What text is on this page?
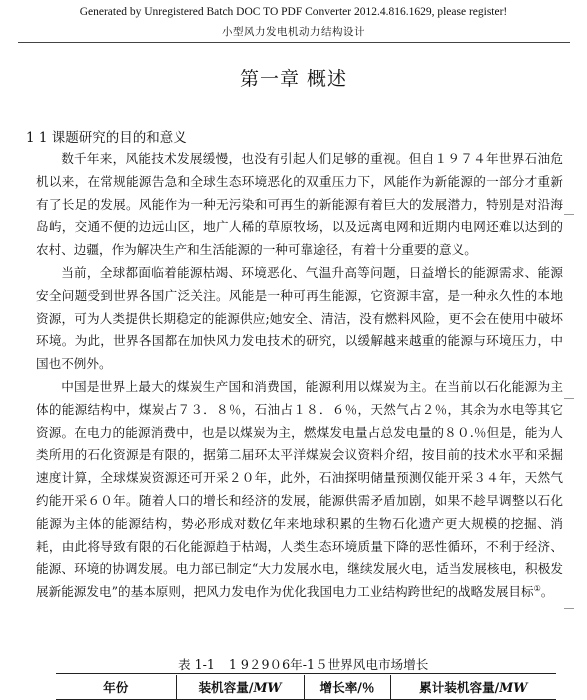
Generated by Unregistered Batch DOC TO PDF Converter 2012.4.816.1629, please register!
小型风力发电机动力结构设计
第一章 概述
1 1 课题研究的目的和意义

数千年来，风能技术发展缓慢，也没有引起人们足够的重视。但自１９７４年世界石油危机以来，在常规能源告急和全球生态环境恶化的双重压力下，风能作为新能源的一部分才重新有了长足的发展。风能作为一种无污染和可再生的新能源有着巨大的发展潜力，特别是对沿海岛屿，交通不便的边远山区，地广人稀的草原牧场，以及远离电网和近期内电网还难以达到的农村、边疆，作为解决生产和生活能源的一种可靠途径，有着十分重要的意义。

当前，全球都面临着能源枯竭、环境恶化、气温升高等问题，日益增长的能源需求、能源安全问题受到世界各国广泛关注。风能是一种可再生能源，它资源丰富，是一种永久性的本地资源，可为人类提供长期稳定的能源供应;她安全、清洁，没有燃料风险，更不会在使用中破坏环境。为此，世界各国都在加快风力发电技术的研究，以缓解越来越重的能源与环境压力，中国也不例外。

中国是世界上最大的煤炭生产国和消费国，能源利用以煤炭为主。在当前以石化能源为主体的能源结构中，煤炭占７３．８％，石油占１８．６％，天然气占２％，其余为水电等其它资源。在电力的能源消费中，也是以煤炭为主，燃煤发电量占总发电量的８０.％但是，能为人类所用的石化资源是有限的，据第二届环太平洋煤炭会议资料介绍，按目前的技术水平和采掘速度计算，全球煤炭资源还可开采２０年，此外，石油探明储量预测仅能开采３４年，天然气约能开采６０年。随着人口的增长和经济的发展，能源供需矛盾加剧，如果不趁早调整以石化能源为主体的能源结构，势必形成对数亿年来地球积累的生物石化遗产更大规模的挖掘、消耗，由此将导致有限的石化能源趋于枯竭，人类生态环境质量下降的恶性循环，不利于经济、能源、环境的协调发展。电力部已制定“大力发展水电，继续发展火电，适当发展核电，积极发展新能源发电”的基本原则，把风力发电作为优化我国电力工业结构跨世纪的战略发展目标①。

表 1-1 1 9２9０6年-1５世界风电市场增长
年份	装机容量/MW	增长率/％	累计装机容量/MW
